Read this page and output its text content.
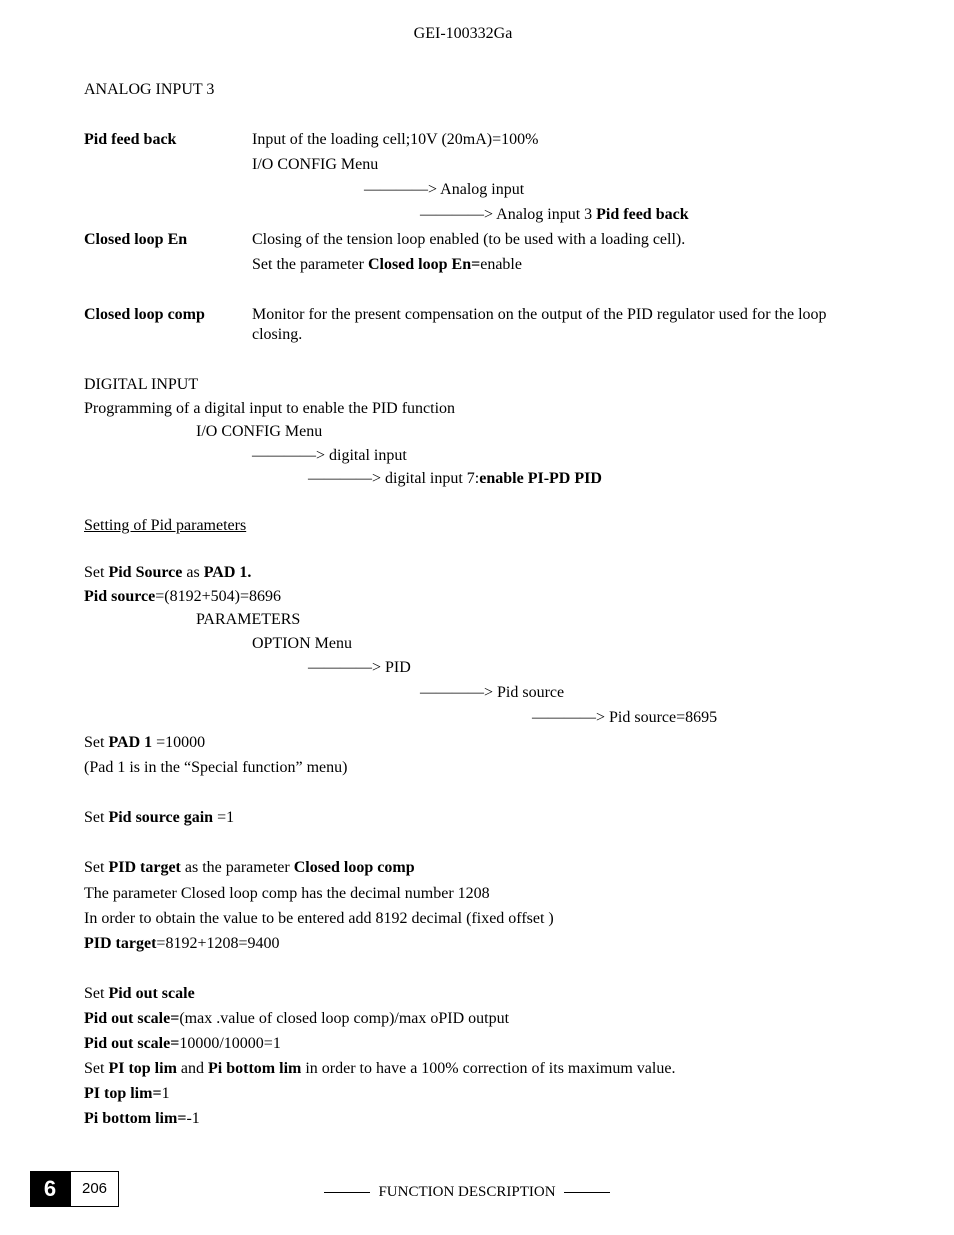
GEI-100332Ga
ANALOG INPUT 3
Pid feed back	Input of the loading cell;10V (20mA)=100%
I/O CONFIG Menu
————> Analog input
————> Analog input 3 Pid feed back
Closed loop En	Closing of the tension loop enabled (to be used with a loading cell).
Set the parameter Closed loop En=enable
Closed loop comp	Monitor for the present compensation on the output of the PID regulator used for the loop closing.
DIGITAL INPUT
Programming of a digital input to enable the PID function
I/O CONFIG Menu
————> digital input
————> digital input 7:enable PI-PD PID
Setting of Pid parameters
Set Pid Source as PAD 1.
Pid source=(8192+504)=8696
PARAMETERS
OPTION Menu
————> PID
————> Pid source
————> Pid source=8695
Set PAD 1 =10000
(Pad 1 is in the “Special function” menu)
Set Pid source gain =1
Set PID target as the parameter Closed loop comp
The parameter Closed loop comp has the decimal number 1208
In order to obtain the value to be entered add 8192 decimal (fixed offset )
PID target=8192+1208=9400
Set Pid out scale
Pid out scale=(max .value of closed loop comp)/max oPID output
Pid out scale=10000/10000=1
Set PI top lim and Pi bottom lim in order to have a 100% correction of its maximum value.
PI top lim=1
Pi bottom lim=-1
6	206	FUNCTION DESCRIPTION
